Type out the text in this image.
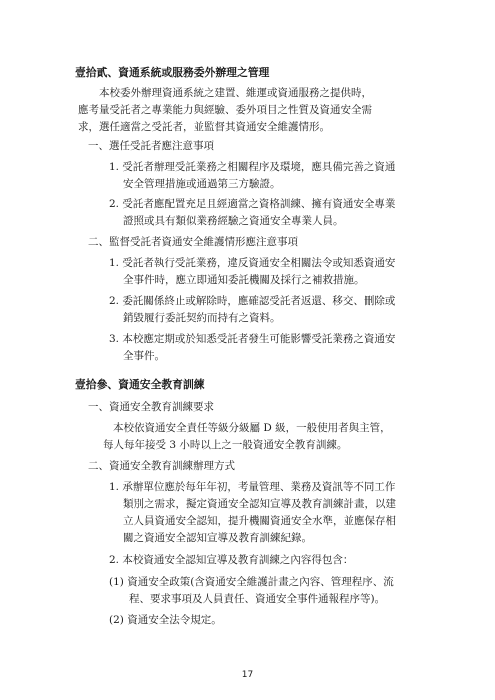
壹拾貳、資通系統或服務委外辦理之管理
本校委外辦理資通系統之建置、維運或資通服務之提供時，
應考量受託者之專業能力與經驗、委外項目之性質及資通安全需
求，選任適當之受託者，並監督其資通安全維護情形。
一、選任受託者應注意事項
1. 受託者辦理受託業務之相關程序及環境，應具備完善之資通
安全管理措施或通過第三方驗證。
2. 受託者應配置充足且經適當之資格訓練、擁有資通安全專業
證照或具有類似業務經驗之資通安全專業人員。
二、監督受託者資通安全維護情形應注意事項
1. 受託者執行受託業務，違反資通安全相關法令或知悉資通安
全事件時，應立即通知委託機關及採行之補救措施。
2. 委託關係終止或解除時，應確認受託者返還、移交、刪除或
銷毀履行委託契約而持有之資料。
3. 本校應定期或於知悉受託者發生可能影響受託業務之資通安
全事件。
壹拾參、資通安全教育訓練
一、資通安全教育訓練要求
本校依資通安全責任等級分級屬 D 級，一般使用者與主管，
每人每年接受 3 小時以上之一般資通安全教育訓練。
二、資通安全教育訓練辦理方式
1. 承辦單位應於每年年初，考量管理、業務及資訊等不同工作
類別之需求，擬定資通安全認知宣導及教育訓練計畫，以建
立人員資通安全認知，提升機關資通安全水準，並應保存相
關之資通安全認知宣導及教育訓練紀錄。
2. 本校資通安全認知宣導及教育訓練之內容得包含：
(1) 資通安全政策(含資通安全維護計畫之內容、管理程序、流
程、要求事項及人員責任、資通安全事件通報程序等)。
(2) 資通安全法令規定。
17
